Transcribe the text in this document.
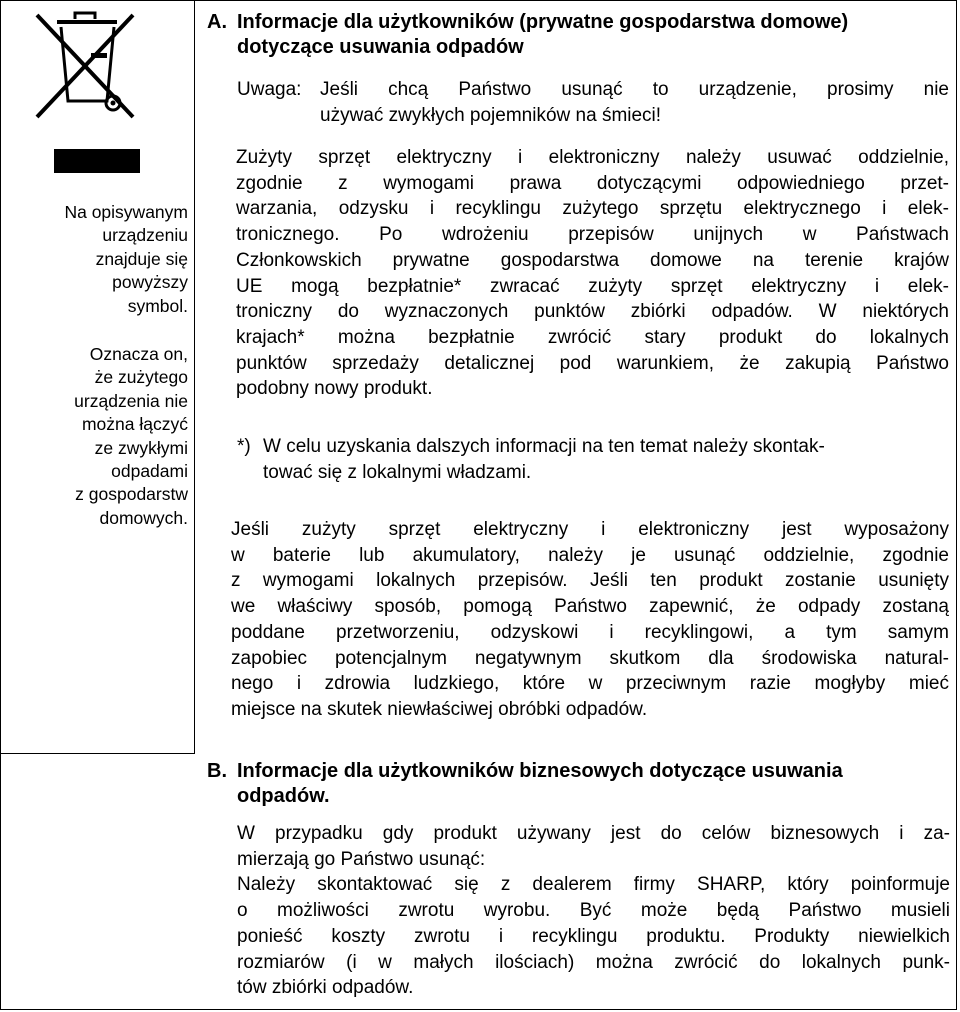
Na opisywanym
urządzeniu
znajduje się
powyższy
symbol.
Oznacza on,
że zużytego
urządzenia nie
można łączyć
ze zwykłymi
odpadami
z gospodarstw
domowych.
A. Informacje dla użytkowników (prywatne gospodarstwa domowe)
dotyczące usuwania odpadów
Uwaga: Jeśli chcą Państwo usunąć to urządzenie, prosimy nie
używać zwykłych pojemników na śmieci!
Zużyty sprzęt elektryczny i elektroniczny należy usuwać oddzielnie,
zgodnie z wymogami prawa dotyczącymi odpowiedniego przet-
warzania, odzysku i recyklingu zużytego sprzętu elektrycznego i elek-
tronicznego. Po wdrożeniu przepisów unijnych w Państwach
Członkowskich prywatne gospodarstwa domowe na terenie krajów
UE mogą bezpłatnie* zwracać zużyty sprzęt elektryczny i elek-
troniczny do wyznaczonych punktów zbiórki odpadów. W niektórych
krajach* można bezpłatnie zwrócić stary produkt do lokalnych
punktów sprzedaży detalicznej pod warunkiem, że zakupią Państwo
podobny nowy produkt.
*) W celu uzyskania dalszych informacji na ten temat należy skontak-
tować się z lokalnymi władzami.
Jeśli zużyty sprzęt elektryczny i elektroniczny jest wyposażony
w baterie lub akumulatory, należy je usunąć oddzielnie, zgodnie
z wymogami lokalnych przepisów. Jeśli ten produkt zostanie usunięty
we właściwy sposób, pomogą Państwo zapewnić, że odpady zostaną
poddane przetworzeniu, odzyskowi i recyklingowi, a tym samym
zapobiec potencjalnym negatywnym skutkom dla środowiska natural-
nego i zdrowia ludzkiego, które w przeciwnym razie mogłyby mieć
miejsce na skutek niewłaściwej obróbki odpadów.
B. Informacje dla użytkowników biznesowych dotyczące usuwania
odpadów.
W przypadku gdy produkt używany jest do celów biznesowych i za-
mierzają go Państwo usunąć:
Należy skontaktować się z dealerem firmy SHARP, który poinformuje
o możliwości zwrotu wyrobu. Być może będą Państwo musieli
ponieść koszty zwrotu i recyklingu produktu. Produkty niewielkich
rozmiarów (i w małych ilościach) można zwrócić do lokalnych punk-
tów zbiórki odpadów.
